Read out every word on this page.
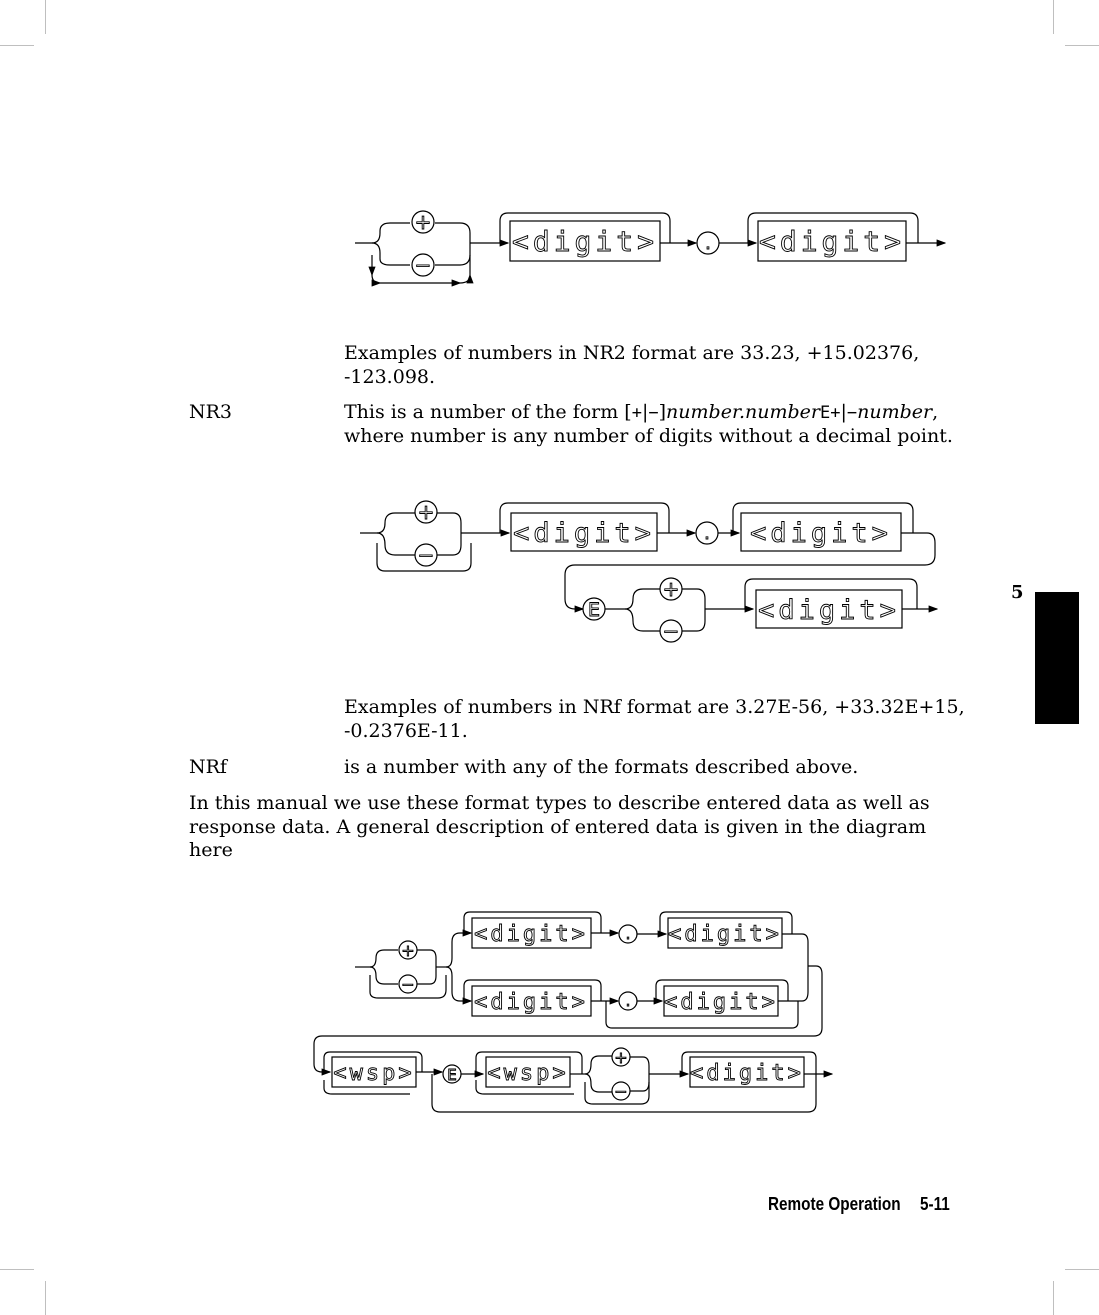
+
−
<digit>	. <digit>
Examples of numbers in NR2 format are 33.23, +15.02376,
-123.098.
NR3	This is a number of the form [+|−]number.numberE+|−number,
where number is any number of digits without a decimal point.
+
−
<digit>	. <digit>
E
+
−
<digit>
Examples of numbers in NRf format are 3.27E-56, +33.32E+15,
-0.2376E-11.
NRf	is a number with any of the formats described above.
In this manual we use these format types to describe entered data as well as
response data. A general description of entered data is given in the diagram
here
+
−
<digit>	. <digit>
<digit>	. <digit>
<wsp> E <wsp>
+
−
<digit>
5
Remote Operation 5-11
